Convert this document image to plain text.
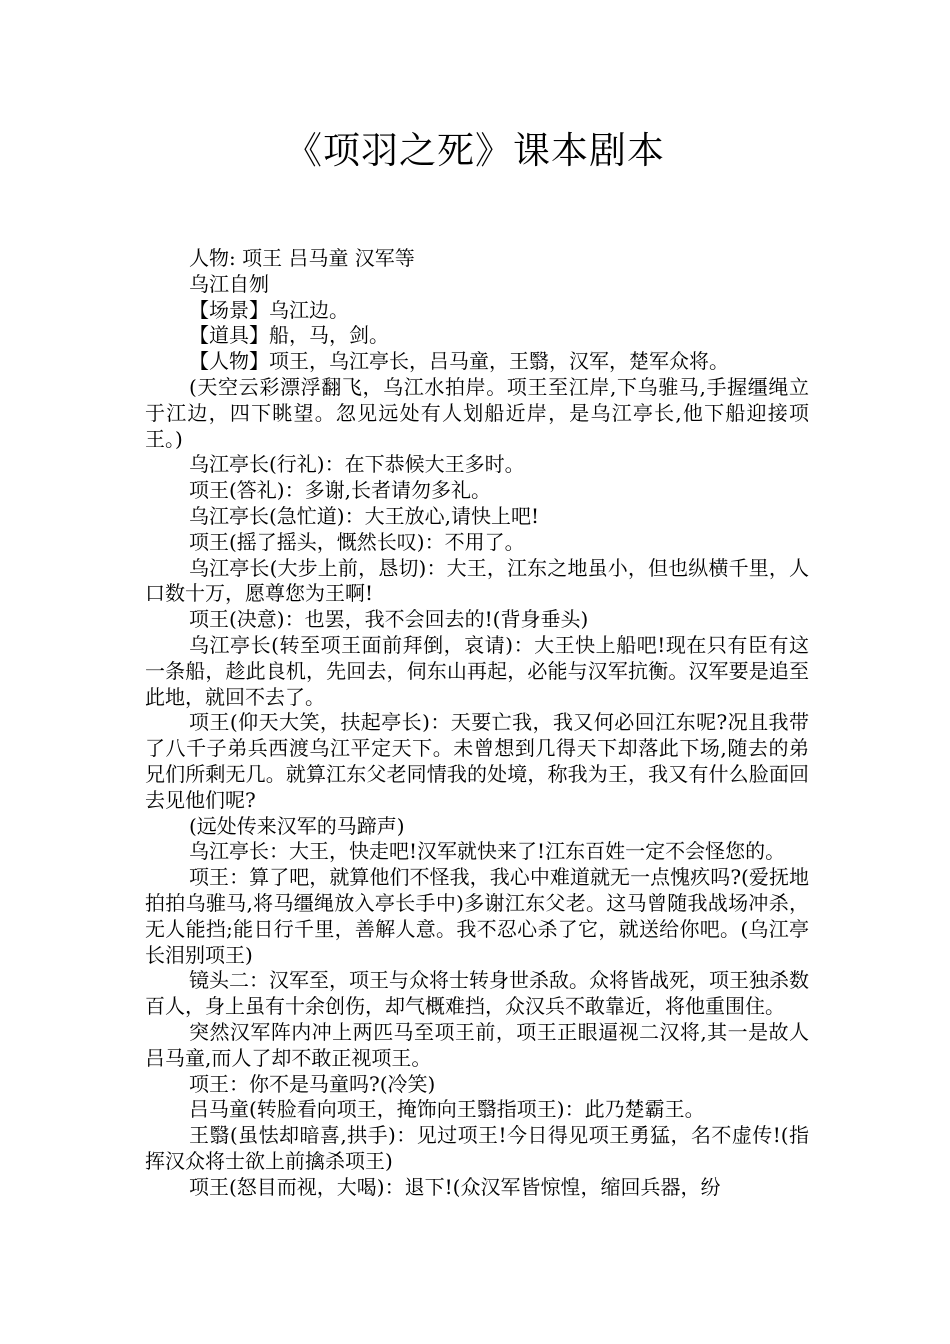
《项羽之死》课本剧本

人物: 项王 吕马童 汉军等

乌江自刎

【场景】乌江边。

【道具】船，马，剑。

【人物】项王，乌江亭长，吕马童，王翳，汉军，楚军众将。

(天空云彩漂浮翻飞，乌江水拍岸。项王至江岸,下乌骓马,手握缰绳立于江边，四下眺望。忽见远处有人划船近岸，是乌江亭长,他下船迎接项王。)

乌江亭长(行礼)：在下恭候大王多时。

项王(答礼)：多谢,长者请勿多礼。

乌江亭长(急忙道)：大王放心,请快上吧!

项王(摇了摇头，慨然长叹)：不用了。

乌江亭长(大步上前，恳切)：大王，江东之地虽小，但也纵横千里，人口数十万，愿尊您为王啊!

项王(决意)：也罢，我不会回去的!(背身垂头)

乌江亭长(转至项王面前拜倒，哀请)：大王快上船吧!现在只有臣有这一条船，趁此良机，先回去，伺东山再起，必能与汉军抗衡。汉军要是追至此地，就回不去了。

项王(仰天大笑，扶起亭长)：天要亡我，我又何必回江东呢?况且我带了八千子弟兵西渡乌江平定天下。未曾想到几得天下却落此下场,随去的弟兄们所剩无几。就算江东父老同情我的处境，称我为王，我又有什么脸面回去见他们呢?

(远处传来汉军的马蹄声)

乌江亭长：大王，快走吧!汉军就快来了!江东百姓一定不会怪您的。

项王：算了吧，就算他们不怪我，我心中难道就无一点愧疚吗?(爱抚地拍拍乌骓马,将马缰绳放入亭长手中)多谢江东父老。这马曾随我战场冲杀，无人能挡;能日行千里，善解人意。我不忍心杀了它，就送给你吧。(乌江亭长泪别项王)

镜头二：汉军至，项王与众将士转身世杀敌。众将皆战死，项王独杀数百人，身上虽有十余创伤，却气概难挡，众汉兵不敢靠近，将他重围住。

突然汉军阵内冲上两匹马至项王前，项王正眼逼视二汉将,其一是故人吕马童,而人了却不敢正视项王。

项王：你不是马童吗?(冷笑)

吕马童(转脸看向项王，掩饰向王翳指项王)：此乃楚霸王。

王翳(虽怯却暗喜,拱手)：见过项王!今日得见项王勇猛，名不虚传!(指挥汉众将士欲上前擒杀项王)

项王(怒目而视，大喝)：退下!(众汉军皆惊惶，缩回兵器，纷
